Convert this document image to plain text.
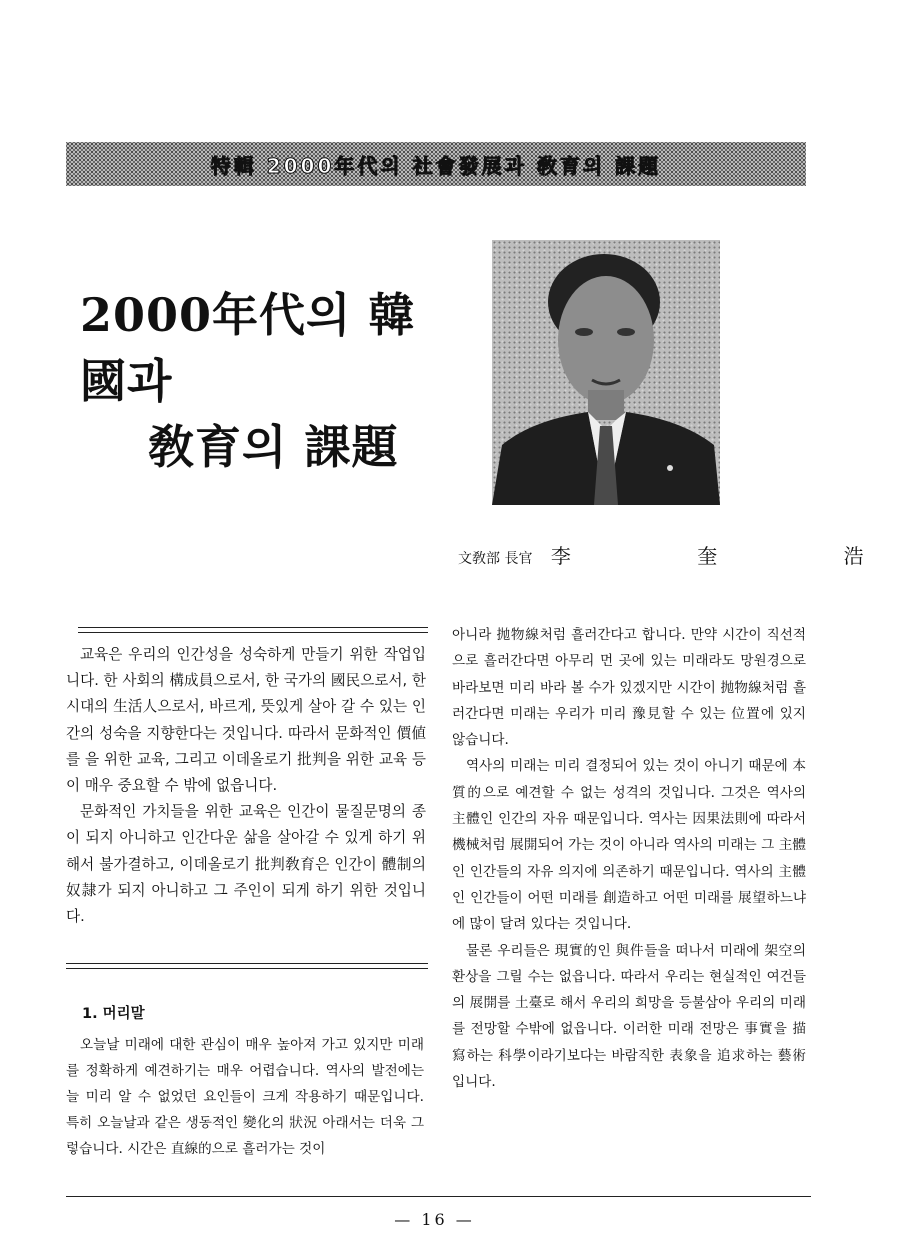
特輯 2000年代의 社會發展과 敎育의 課題
2000年代의 韓國과
敎育의 課題
文敎部 長官 李 奎 浩

교육은 우리의 인간성을 성숙하게 만들기 위한 작업입니다. 한 사회의 構成員으로서, 한 국가의 國民으로서, 한 시대의 生活人으로서, 바르게, 뜻있게 살아 갈 수 있는 인간의 성숙을 지향한다는 것입니다. 따라서 문화적인 價値를 을 위한 교육, 그리고 이데올로기 批判을 위한 교육 등이 매우 중요할 수 밖에 없읍니다.

문화적인 가치들을 위한 교육은 인간이 물질문명의 종이 되지 아니하고 인간다운 삶을 살아갈 수 있게 하기 위해서 불가결하고, 이데올로기 批判敎育은 인간이 體制의 奴隷가 되지 아니하고 그 주인이 되게 하기 위한 것입니다.

1. 머리말

오늘날 미래에 대한 관심이 매우 높아져 가고 있지만 미래를 정확하게 예견하기는 매우 어렵습니다. 역사의 발전에는 늘 미리 알 수 없었던 요인들이 크게 작용하기 때문입니다. 특히 오늘날과 같은 생동적인 變化의 狀況 아래서는 더욱 그렇습니다. 시간은 直線的으로 흘러가는 것이

아니라 抛物線처럼 흘러간다고 합니다. 만약 시간이 직선적으로 흘러간다면 아무리 먼 곳에 있는 미래라도 망원경으로 바라보면 미리 바라 볼 수가 있겠지만 시간이 抛物線처럼 흘러간다면 미래는 우리가 미리 豫見할 수 있는 位置에 있지 않습니다.

역사의 미래는 미리 결정되어 있는 것이 아니기 때문에 本質的으로 예견할 수 없는 성격의 것입니다. 그것은 역사의 主體인 인간의 자유 때문입니다. 역사는 因果法則에 따라서 機械처럼 展開되어 가는 것이 아니라 역사의 미래는 그 主體인 인간들의 자유 의지에 의존하기 때문입니다. 역사의 主體인 인간들이 어떤 미래를 創造하고 어떤 미래를 展望하느냐에 많이 달려 있다는 것입니다.

물론 우리들은 現實的인 與件들을 떠나서 미래에 架空의 환상을 그릴 수는 없읍니다. 따라서 우리는 현실적인 여건들의 展開를 土臺로 해서 우리의 희망을 등불삼아 우리의 미래를 전망할 수밖에 없읍니다. 이러한 미래 전망은 事實을 描寫하는 科學이라기보다는 바람직한 表象을 追求하는 藝術입니다.

— 16 —
